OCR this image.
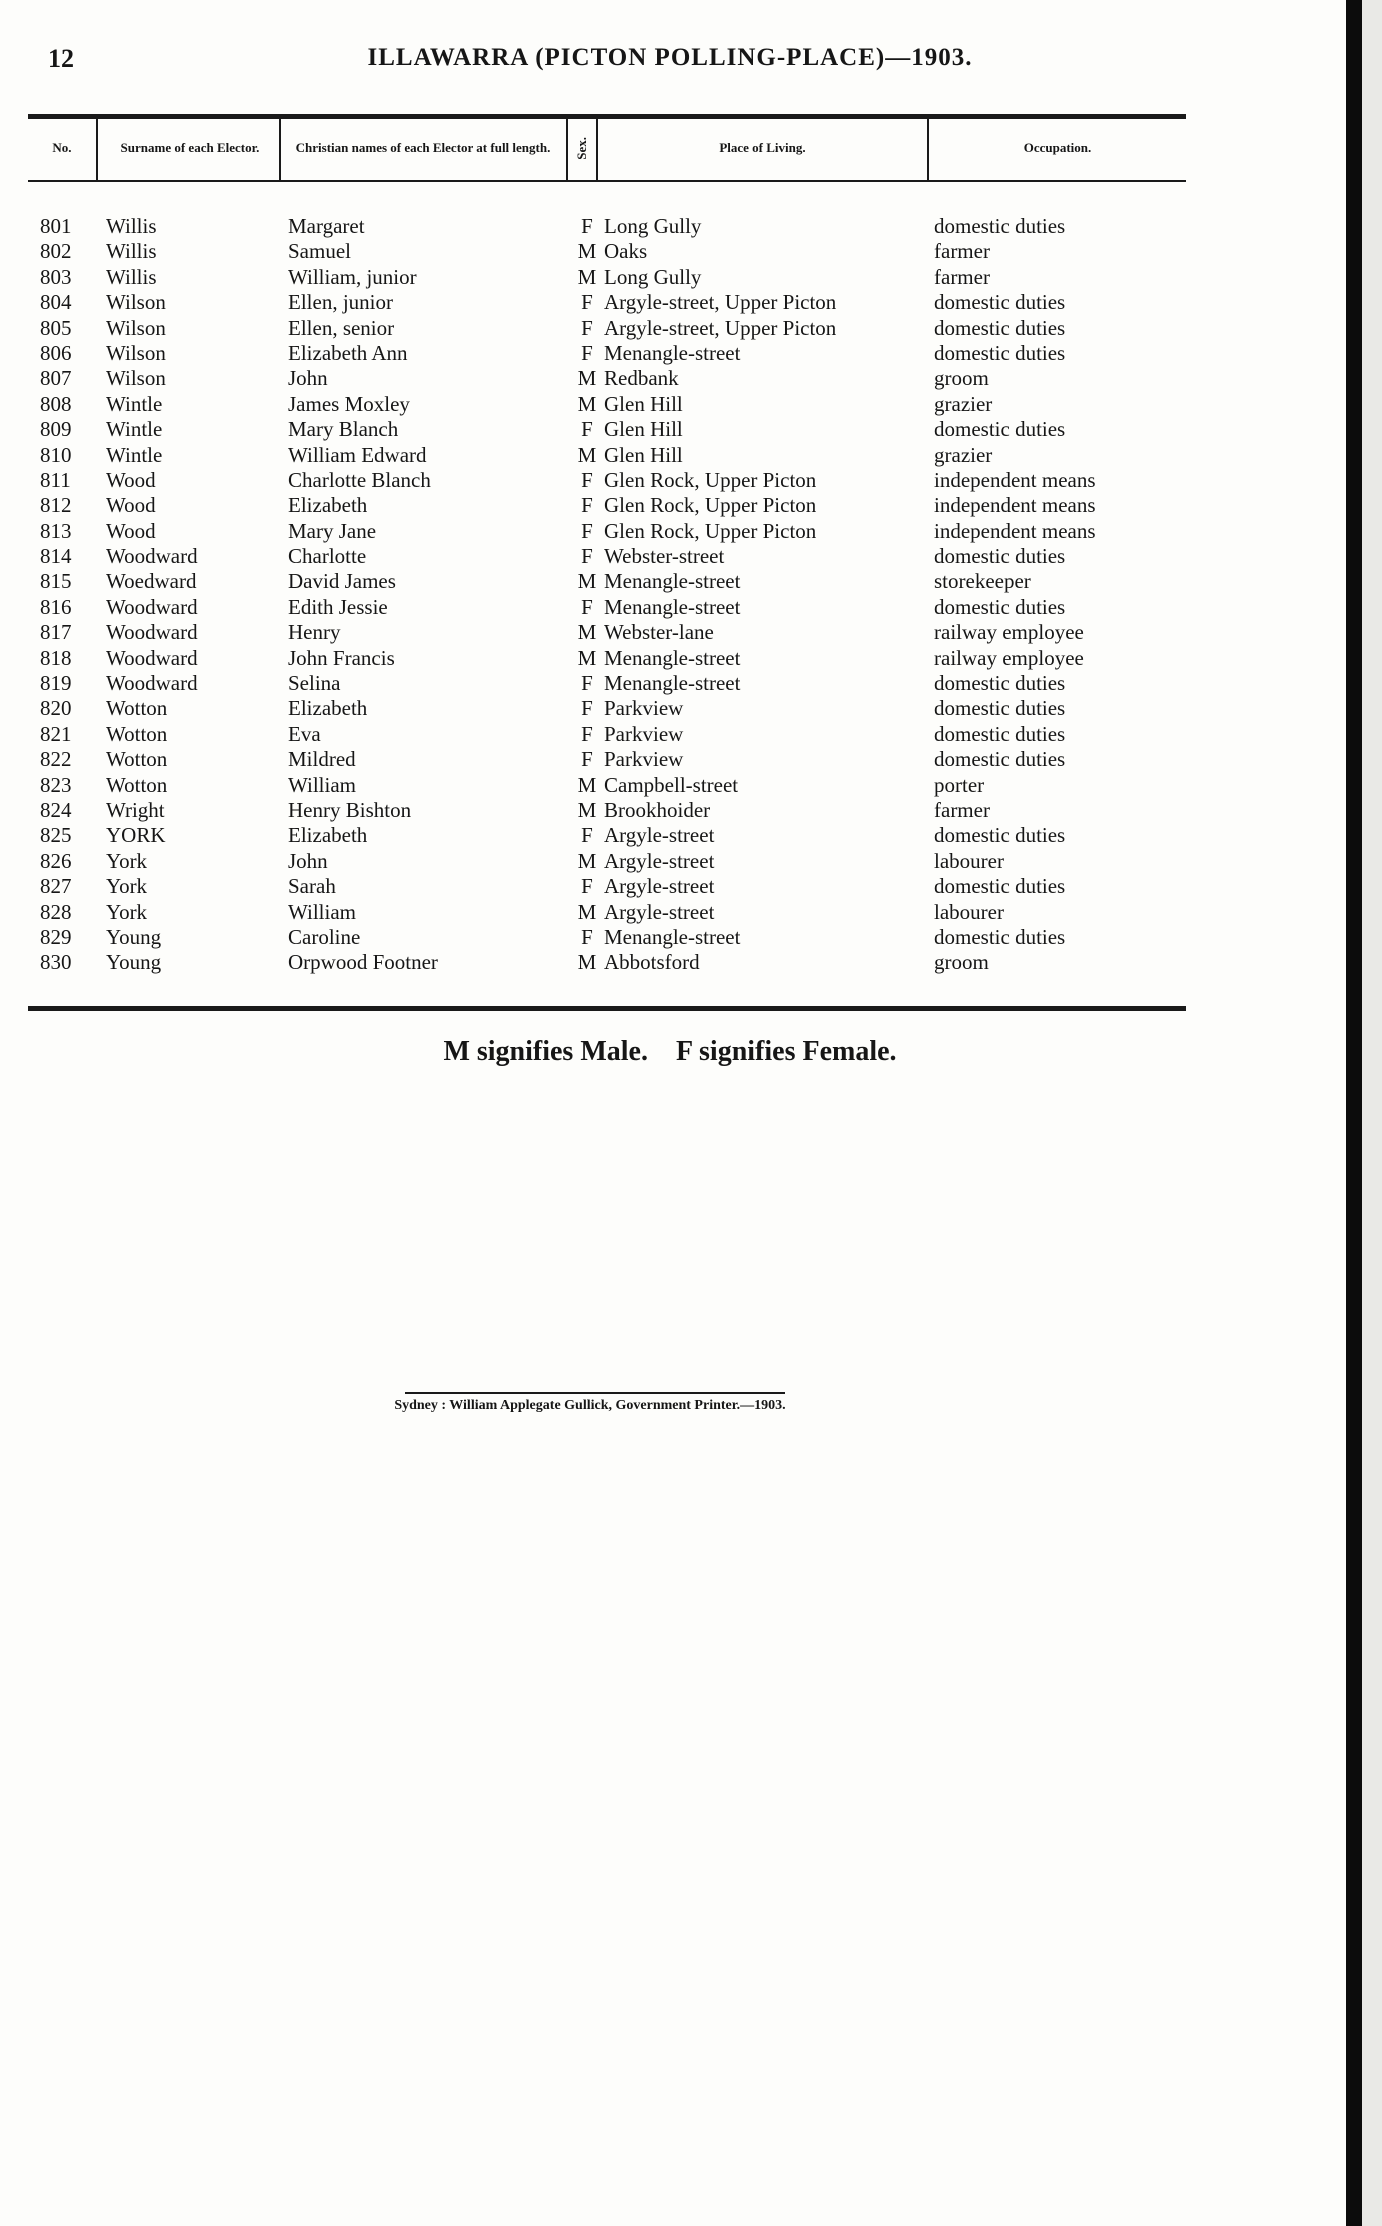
12	ILLAWARRA (PICTON POLLING-PLACE)—1903.
No.	Surname of each Elector.	Christian names of each Elector at full length. Sex.	Place of Living.	Occupation.
801 Willis	Margaret	F Long Gully	domestic duties
802 Willis	Samuel	M Oaks	farmer
803 Willis	William, junior	M Long Gully	farmer
804 Wilson	Ellen, junior	F Argyle-street, Upper Picton	domestic duties
805 Wilson	Ellen, senior	F Argyle-street, Upper Picton	domestic duties
806 Wilson	Elizabeth Ann	F Menangle-street	domestic duties
807 Wilson	John	M Redbank	groom
808 Wintle	James Moxley	M Glen Hill	grazier
809 Wintle	Mary Blanch	F Glen Hill	domestic duties
810 Wintle	William Edward	M Glen Hill	grazier
811 Wood	Charlotte Blanch	F Glen Rock, Upper Picton	independent means
812 Wood	Elizabeth	F Glen Rock, Upper Picton	independent means
813 Wood	Mary Jane	F Glen Rock, Upper Picton	independent means
814 Woodward	Charlotte	F Webster-street	domestic duties
815 Woedward	David James	M Menangle-street	storekeeper
816 Woodward	Edith Jessie	F Menangle-street	domestic duties
817 Woodward	Henry	M Webster-lane	railway employee
818 Woodward	John Francis	M Menangle-street	railway employee
819 Woodward	Selina	F Menangle-street	domestic duties
820 Wotton	Elizabeth	F Parkview	domestic duties
821 Wotton	Eva	F Parkview	domestic duties
822 Wotton	Mildred	F Parkview	domestic duties
823 Wotton	William	M Campbell-street	porter
824 Wright	Henry Bishton	M Brookhoider	farmer
825 YORK	Elizabeth	F Argyle-street	domestic duties
826 York	John	M Argyle-street	labourer
827 York	Sarah	F Argyle-street	domestic duties
828 York	William	M Argyle-street	labourer
829 Young	Caroline	F Menangle-street	domestic duties
830 Young	Orpwood Footner	M Abbotsford	groom
M signifies Male.    F signifies Female.
Sydney : William Applegate Gullick, Government Printer.—1903.
